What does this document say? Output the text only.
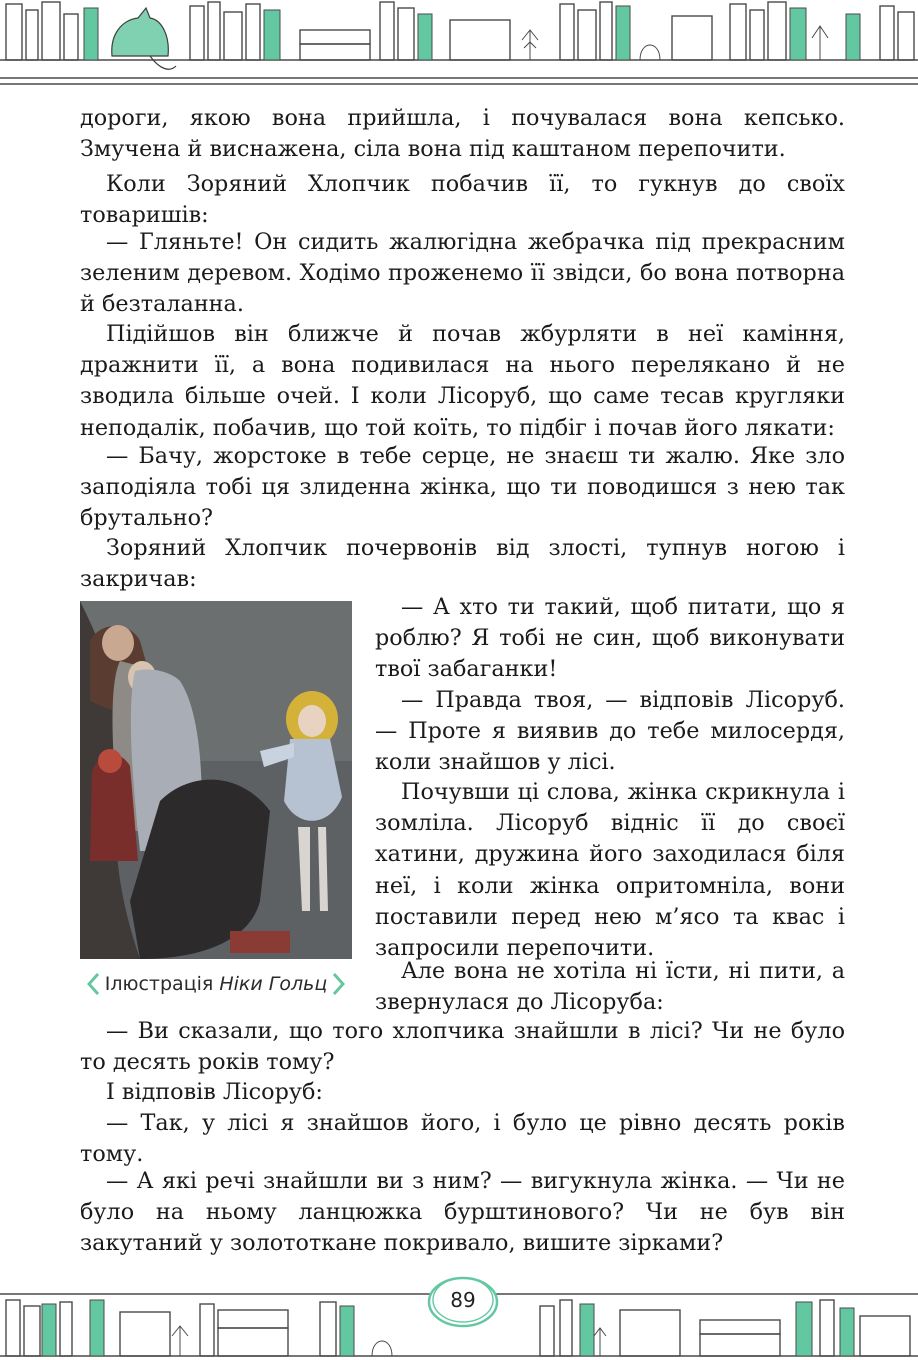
дороги, якою вона прийшла, і почувалася вона кепсько. Змучена й виснажена, сіла вона під каштаном перепочити.

Коли Зоряний Хлопчик побачив її, то гукнув до своїх товаришів:

— Гляньте! Он сидить жалюгідна жебрачка під прекрасним зеленим деревом. Ходімо проженемо її звідси, бо вона потворна й безталанна.

Підійшов він ближче й почав жбурляти в неї каміння, дражнити її, а вона подивилася на нього перелякано й не зводила більше очей. І коли Лісоруб, що саме тесав кругляки неподалік, побачив, що той коїть, то підбіг і почав його лякати:

— Бачу, жорстоке в тебе серце, не знаєш ти жалю. Яке зло заподіяла тобі ця злиденна жінка, що ти поводишся з нею так брутально?

Зоряний Хлопчик почервонів від злості, тупнув ногою і закричав:

Ілюстрація Ніки Гольц

— А хто ти такий, щоб питати, що я роблю? Я тобі не син, щоб виконувати твої забаганки!

— Правда твоя, — відповів Лісоруб. — Проте я виявив до тебе милосердя, коли знайшов у лісі.

Почувши ці слова, жінка скрикнула і зомліла. Лісоруб відніс її до своєї хатини, дружина його заходилася біля неї, і коли жінка опритомніла, вони поставили перед нею м’ясо та квас і запросили перепочити.

Але вона не хотіла ні їсти, ні пити, а звернулася до Лісоруба:

— Ви сказали, що того хлопчика знайшли в лісі? Чи не було то десять років тому?

І відповів Лісоруб:

— Так, у лісі я знайшов його, і було це рівно десять років тому.

— А які речі знайшли ви з ним? — вигукнула жінка. — Чи не було на ньому ланцюжка бурштинового? Чи не був він закутаний у золототкане покривало, вишите зірками?

89
